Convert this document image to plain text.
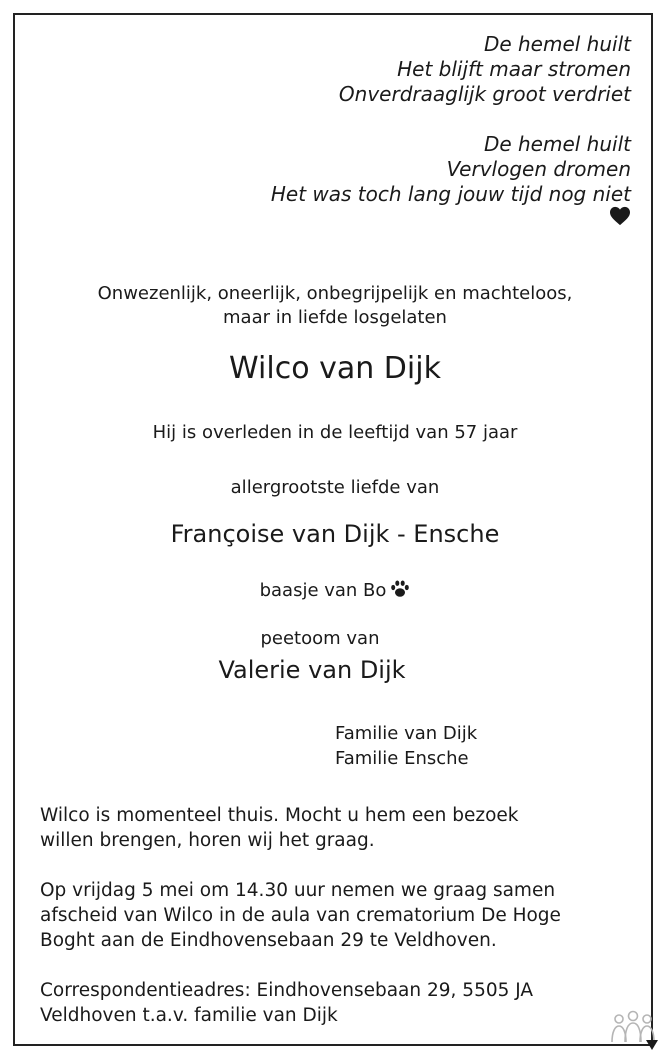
De hemel huilt
Het blijft maar stromen
Onverdraaglijk groot verdriet
De hemel huilt
Vervlogen dromen
Het was toch lang jouw tijd nog niet
Onwezenlijk, oneerlijk, onbegrijpelijk en machteloos,
maar in liefde losgelaten
Wilco van Dijk
Hij is overleden in de leeftijd van 57 jaar
allergrootste liefde van
Françoise van Dijk - Ensche
baasje van Bo
peetoom van
Valerie van Dijk
Familie van Dijk
Familie Ensche
Wilco is momenteel thuis. Mocht u hem een bezoek
willen brengen, horen wij het graag.
Op vrijdag 5 mei om 14.30 uur nemen we graag samen
afscheid van Wilco in de aula van crematorium De Hoge
Boght aan de Eindhovensebaan 29 te Veldhoven.
Correspondentieadres: Eindhovensebaan 29, 5505 JA
Veldhoven t.a.v. familie van Dijk
